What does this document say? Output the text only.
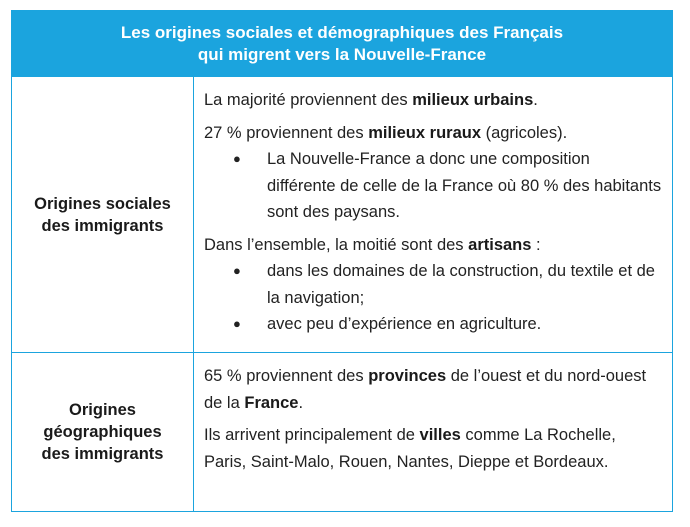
Les origines sociales et démographiques des Français
qui migrent vers la Nouvelle-France
Origines sociales
des immigrants

La majorité proviennent des milieux urbains.

27 % proviennent des milieux ruraux (agricoles).

● La Nouvelle-France a donc une composition différente de celle de la France où 80 % des habitants sont des paysans.

Dans l’ensemble, la moitié sont des artisans :

● dans les domaines de la construction, du textile et de la navigation;
● avec peu d’expérience en agriculture.
Origines
géographiques
des immigrants

65 % proviennent des provinces de l’ouest et du nord-ouest de la France.

Ils arrivent principalement de villes comme La Rochelle, Paris, Saint-Malo, Rouen, Nantes, Dieppe et Bordeaux.
